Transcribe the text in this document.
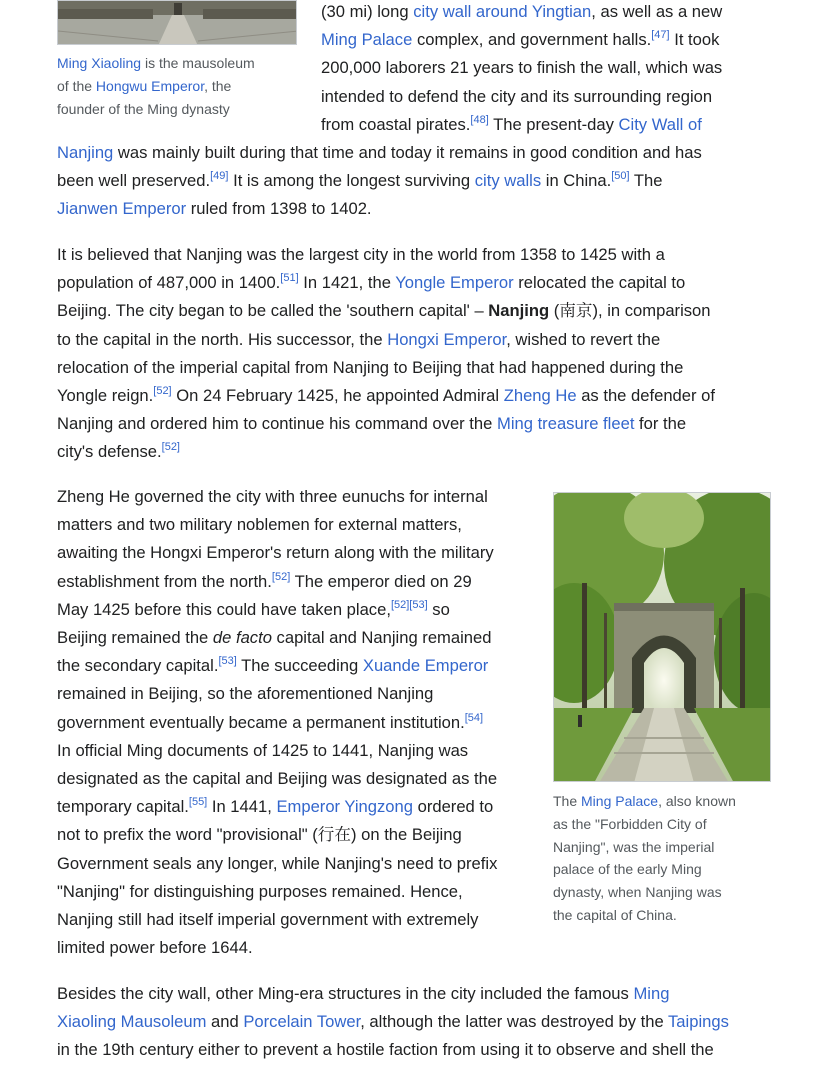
Ming Xiaoling is the mausoleum
of the Hongwu Emperor, the
founder of the Ming dynasty
(30 mi) long city wall around Yingtian, as well as a new
Ming Palace complex, and government halls.[47] It took
200,000 laborers 21 years to finish the wall, which was
intended to defend the city and its surrounding region
from coastal pirates.[48] The present-day City Wall of
Nanjing was mainly built during that time and today it remains in good condition and has
been well preserved.[49] It is among the longest surviving city walls in China.[50] The
Jianwen Emperor ruled from 1398 to 1402.
It is believed that Nanjing was the largest city in the world from 1358 to 1425 with a
population of 487,000 in 1400.[51] In 1421, the Yongle Emperor relocated the capital to
Beijing. The city began to be called the 'southern capital' – Nanjing (南京), in comparison
to the capital in the north. His successor, the Hongxi Emperor, wished to revert the
relocation of the imperial capital from Nanjing to Beijing that had happened during the
Yongle reign.[52] On 24 February 1425, he appointed Admiral Zheng He as the defender of
Nanjing and ordered him to continue his command over the Ming treasure fleet for the
city's defense.[52]
Zheng He governed the city with three eunuchs for internal
matters and two military noblemen for external matters,
awaiting the Hongxi Emperor's return along with the military
establishment from the north.[52] The emperor died on 29
May 1425 before this could have taken place,[52][53] so
Beijing remained the de facto capital and Nanjing remained
the secondary capital.[53] The succeeding Xuande Emperor
remained in Beijing, so the aforementioned Nanjing
government eventually became a permanent institution.[54]
In official Ming documents of 1425 to 1441, Nanjing was
designated as the capital and Beijing was designated as the
temporary capital.[55] In 1441, Emperor Yingzong ordered to
not to prefix the word "provisional" (行在) on the Beijing
Government seals any longer, while Nanjing's need to prefix
"Nanjing" for distinguishing purposes remained. Hence,
Nanjing still had itself imperial government with extremely
limited power before 1644.
The Ming Palace, also known
as the "Forbidden City of
Nanjing", was the imperial
palace of the early Ming
dynasty, when Nanjing was
the capital of China.
Besides the city wall, other Ming-era structures in the city included the famous Ming
Xiaoling Mausoleum and Porcelain Tower, although the latter was destroyed by the Taipings
in the 19th century either to prevent a hostile faction from using it to observe and shell the
